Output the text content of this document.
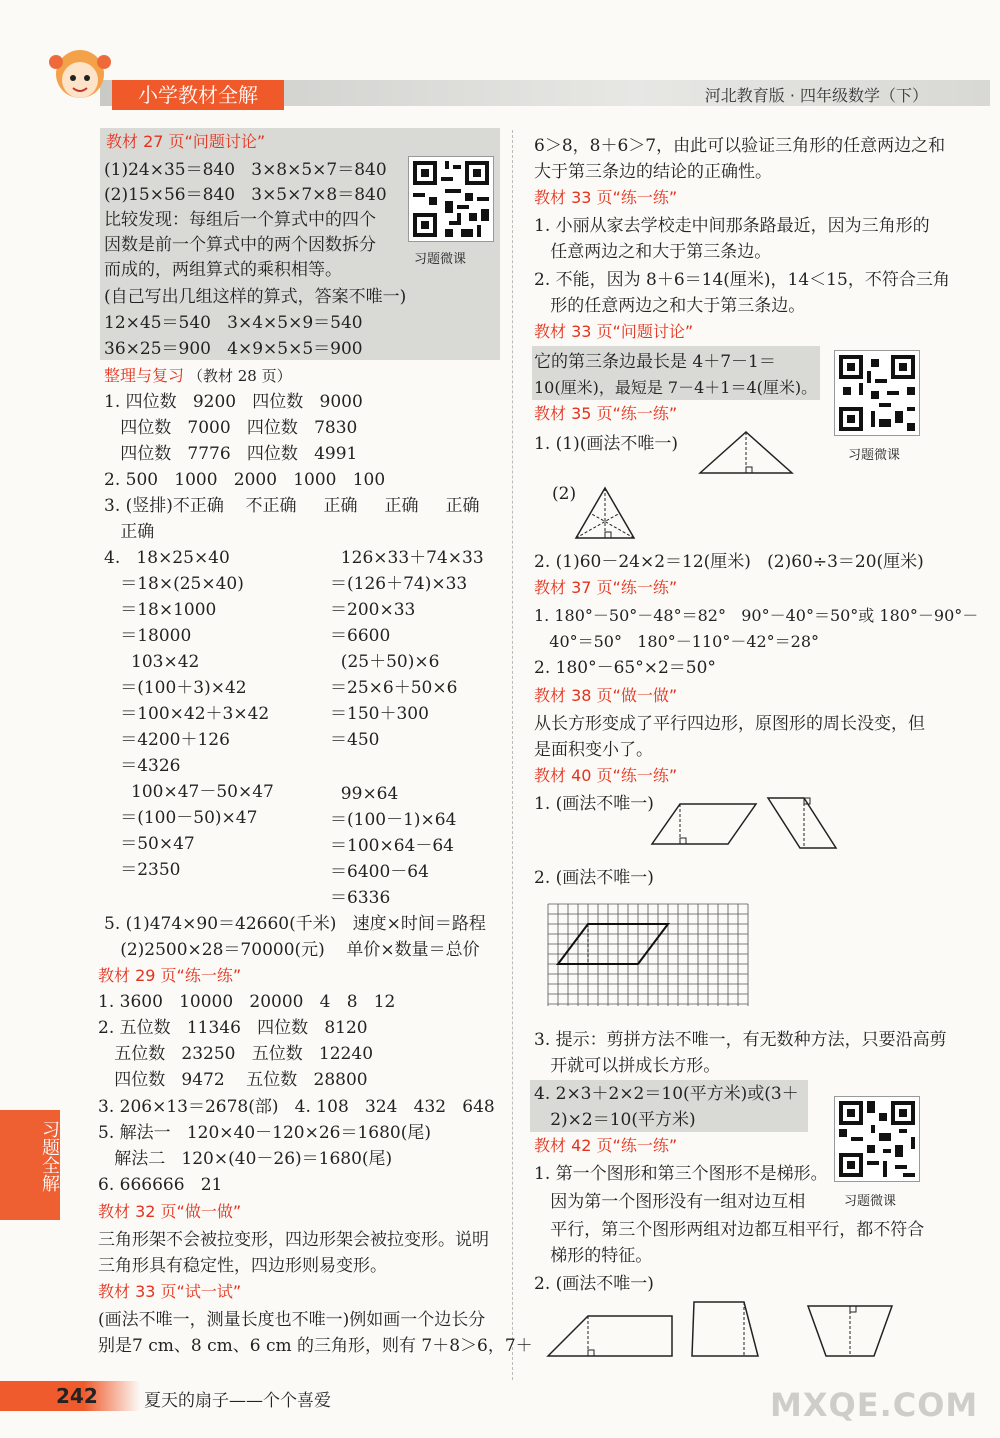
小学教材全解	河北教育版 · 四年级数学（下）
教材 27 页“问题讨论”
(1)24×35＝840   3×8×5×7＝840
(2)15×56＝840   3×5×7×8＝840
比较发现：每组后一个算式中的四个
因数是前一个算式中的两个因数拆分
而成的，两组算式的乘积相等。
(自己写出几组这样的算式，答案不唯一)
12×45＝540   3×4×5×9＝540
36×25＝900   4×9×5×5＝900
习题微课
整理与复习 （教材 28 页）
1. 四位数   9200   四位数   9000
四位数   7000   四位数   7830
四位数   7776   四位数   4991
2. 500   1000   2000   1000   100
3. (竖排)不正确    不正确     正确     正确     正确
正确
4.   18×25×40
＝18×(25×40)
＝18×1000
＝18000
103×42
＝(100＋3)×42
＝100×42＋3×42
＝4200＋126
＝4326
100×47－50×47
＝(100－50)×47
＝50×47
＝2350
126×33＋74×33
＝(126＋74)×33
＝200×33
＝6600
(25＋50)×6
＝25×6＋50×6
＝150＋300
＝450
99×64
＝(100－1)×64
＝100×64－64
＝6400－64
＝6336
5. (1)474×90＝42660(千米)   速度×时间＝路程
(2)2500×28＝70000(元)    单价×数量＝总价
教材 29 页“练一练”
1. 3600   10000   20000   4   8   12
2. 五位数   11346   四位数   8120
五位数   23250   五位数   12240
四位数   9472    五位数   28800
3. 206×13＝2678(部)   4. 108   324   432   648
5. 解法一   120×40－120×26＝1680(尾)
解法二   120×(40－26)＝1680(尾)
6. 666666   21
教材 32 页“做一做”
三角形架不会被拉变形，四边形架会被拉变形。说明
三角形具有稳定性，四边形则易变形。
教材 33 页“试一试”
(画法不唯一，测量长度也不唯一)例如画一个边长分
别是7 cm、8 cm、6 cm 的三角形，则有 7＋8＞6，7＋
习题全解
242	夏天的扇子——个个喜爱
6＞8，8＋6＞7，由此可以验证三角形的任意两边之和
大于第三条边的结论的正确性。
教材 33 页“练一练”
1. 小丽从家去学校走中间那条路最近，因为三角形的
任意两边之和大于第三条边。
2. 不能，因为 8＋6＝14(厘米)，14＜15，不符合三角
形的任意两边之和大于第三条边。
教材 33 页“问题讨论”
它的第三条边最长是 4＋7－1＝
10(厘米)，最短是 7－4＋1＝4(厘米)。
习题微课
教材 35 页“练一练”
1. (1)(画法不唯一)
(2)
2. (1)60－24×2＝12(厘米)   (2)60÷3＝20(厘米)
教材 37 页“练一练”
1. 180°－50°－48°＝82°   90°－40°＝50°或 180°－90°－
40°＝50°   180°－110°－42°＝28°
2. 180°－65°×2＝50°
教材 38 页“做一做”
从长方形变成了平行四边形，原图形的周长没变，但
是面积变小了。
教材 40 页“练一练”
1. (画法不唯一)
2. (画法不唯一)
3. 提示：剪拼方法不唯一，有无数种方法，只要沿高剪
开就可以拼成长方形。
4. 2×3＋2×2＝10(平方米)或(3＋
2)×2＝10(平方米)
习题微课
教材 42 页“练一练”
1. 第一个图形和第三个图形不是梯形。
因为第一个图形没有一组对边互相
平行，第三个图形两组对边都互相平行，都不符合
梯形的特征。
2. (画法不唯一)
MXQE.COM
